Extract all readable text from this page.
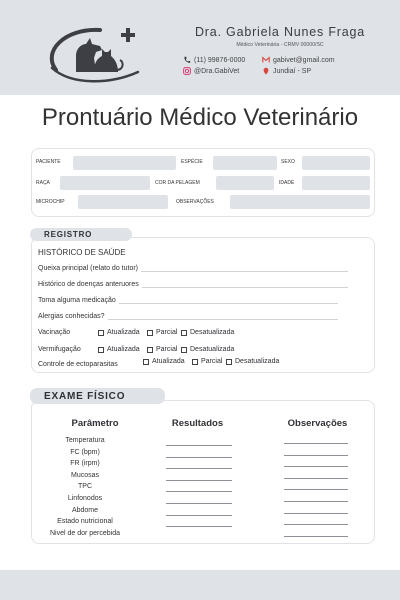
Dra. Gabriela Nunes Fraga
Médico Veterinária - CRMV 00000/SC
(11) 99876-0000	gabivet@gmail.com
@Dra.GabiVet	Jundiaí - SP
Prontuário Médico Veterinário
PACIENTE	ESPÉCIE	SEXO
RAÇA	COR DA PELAGEM	IDADE
MICROCHIP	OBSERVAÇÕES
REGISTRO
HISTÓRICO DE SAÚDE
Queixa principal (relato do tutor)
Histórico de doenças anteruores
Toma alguma medicação
Alergias conhecidas?
Vacinação	Atualizada Parcial Desatualizada
Vermifugação	Atualizada Parcial Desatualizada
Controle de ectoparasitas	Atualizada Parcial Desatualizada
EXAME FÍSICO
Parâmetro	Resultados	Observações
Temperatura
FC (bpm)
FR (irpm)
Mucosas
TPC
Linfonodos
Abdome
Estado nutricional
Nivel de dor percebida
